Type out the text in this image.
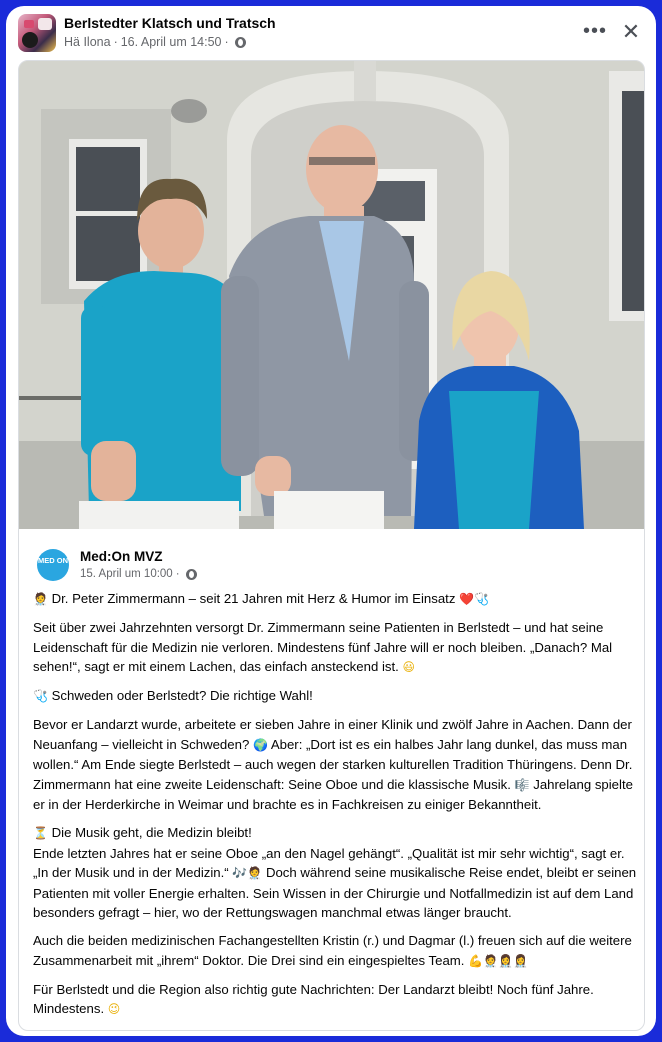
Berlstedter Klatsch und Tratsch
Hä Ilona · 16. April um 14:50 ·	••• ✕
MED ON Med:On MVZ
15. April um 10:00 ·

🧑‍⚕️ Dr. Peter Zimmermann – seit 21 Jahren mit Herz & Humor im Einsatz ❤️🩺

Seit über zwei Jahrzehnten versorgt Dr. Zimmermann seine Patienten in Berlstedt – und hat seine Leidenschaft für die Medizin nie verloren. Mindestens fünf Jahre will er noch bleiben. „Danach? Mal sehen!“, sagt er mit einem Lachen, das einfach ansteckend ist. 😃

🩺 Schweden oder Berlstedt? Die richtige Wahl!

Bevor er Landarzt wurde, arbeitete er sieben Jahre in einer Klinik und zwölf Jahre in Aachen. Dann der Neuanfang – vielleicht in Schweden? 🌍 Aber: „Dort ist es ein halbes Jahr lang dunkel, das muss man wollen.“ Am Ende siegte Berlstedt – auch wegen der starken kulturellen Tradition Thüringens. Denn Dr. Zimmermann hat eine zweite Leidenschaft: Seine Oboe und die klassische Musik. 🎼 Jahrelang spielte er in der Herderkirche in Weimar und brachte es in Fachkreisen zu einiger Bekanntheit.

⏳ Die Musik geht, die Medizin bleibt!
Ende letzten Jahres hat er seine Oboe „an den Nagel gehängt“. „Qualität ist mir sehr wichtig“, sagt er. „In der Musik und in der Medizin.“ 🎶🧑‍⚕️ Doch während seine musikalische Reise endet, bleibt er seinen Patienten mit voller Energie erhalten. Sein Wissen in der Chirurgie und Notfallmedizin ist auf dem Land besonders gefragt – hier, wo der Rettungswagen manchmal etwas länger braucht.

Auch die beiden medizinischen Fachangestellten Kristin (r.) und Dagmar (l.) freuen sich auf die weitere Zusammenarbeit mit „ihrem“ Doktor. Die Drei sind ein eingespieltes Team. 💪🧑‍⚕️👩‍⚕️👩‍⚕️

Für Berlstedt und die Region also richtig gute Nachrichten: Der Landarzt bleibt! Noch fünf Jahre. Mindestens. 😉
